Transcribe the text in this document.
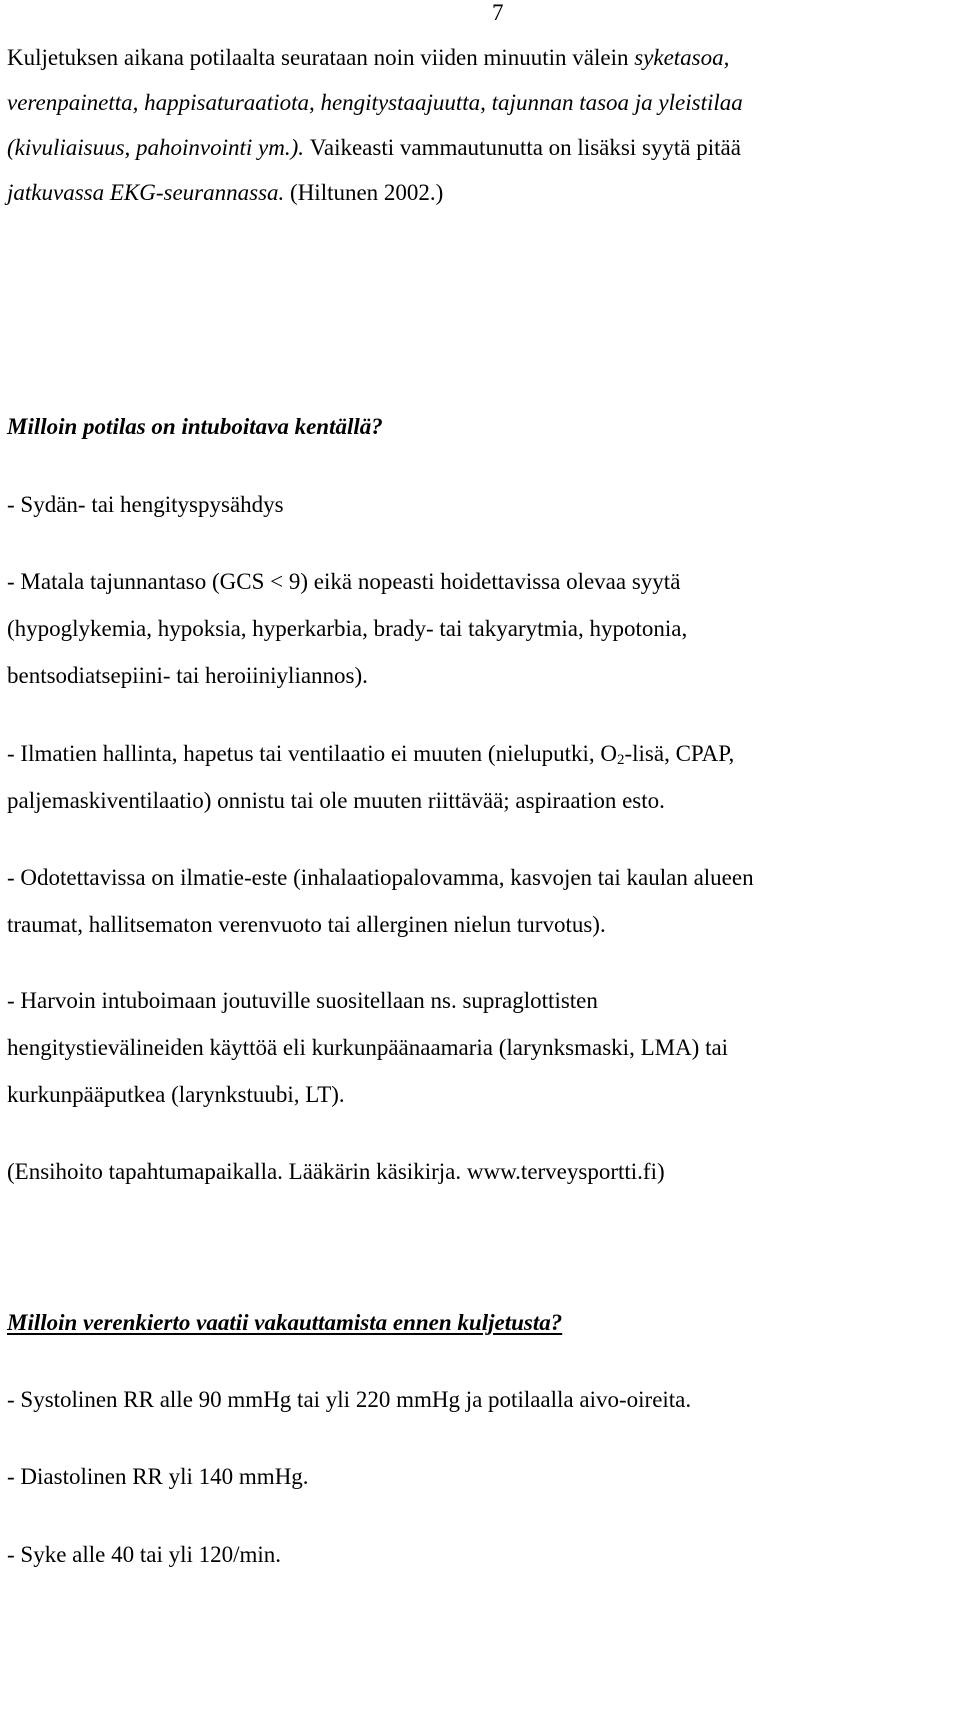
7
Kuljetuksen aikana potilaalta seurataan noin viiden minuutin välein syketasoa,
verenpainetta, happisaturaatiota, hengitystaajuutta, tajunnan tasoa ja yleistilaa
(kivuliaisuus, pahoinvointi ym.). Vaikeasti vammautunutta on lisäksi syytä pitää
jatkuvassa EKG-seurannassa. (Hiltunen 2002.)
Milloin potilas on intuboitava kentällä?
- Sydän- tai hengityspysähdys
- Matala tajunnantaso (GCS < 9) eikä nopeasti hoidettavissa olevaa syytä
(hypoglykemia, hypoksia, hyperkarbia, brady- tai takyarytmia, hypotonia,
bentsodiatsepiini- tai heroiiniyliannos).
- Ilmatien hallinta, hapetus tai ventilaatio ei muuten (nieluputki, $O_2$-lisä, CPAP,
paljemaskiventilaatio) onnistu tai ole muuten riittävää; aspiraation esto.
- Odotettavissa on ilmatie-este (inhalaatiopalovamma, kasvojen tai kaulan alueen
traumat, hallitsematon verenvuoto tai allerginen nielun turvotus).
- Harvoin intuboimaan joutuville suositellaan ns. supraglottisten
hengitystievälineiden käyttöä eli kurkunpäänaamaria (larynksmaski, LMA) tai
kurkunpääputkea (larynkstuubi, LT).
(Ensihoito tapahtumapaikalla. Lääkärin käsikirja. www.terveysportti.fi)
Milloin verenkierto vaatii vakauttamista ennen kuljetusta?
- Systolinen RR alle 90 mmHg tai yli 220 mmHg ja potilaalla aivo-oireita.
- Diastolinen RR yli 140 mmHg.
- Syke alle 40 tai yli 120/min.
